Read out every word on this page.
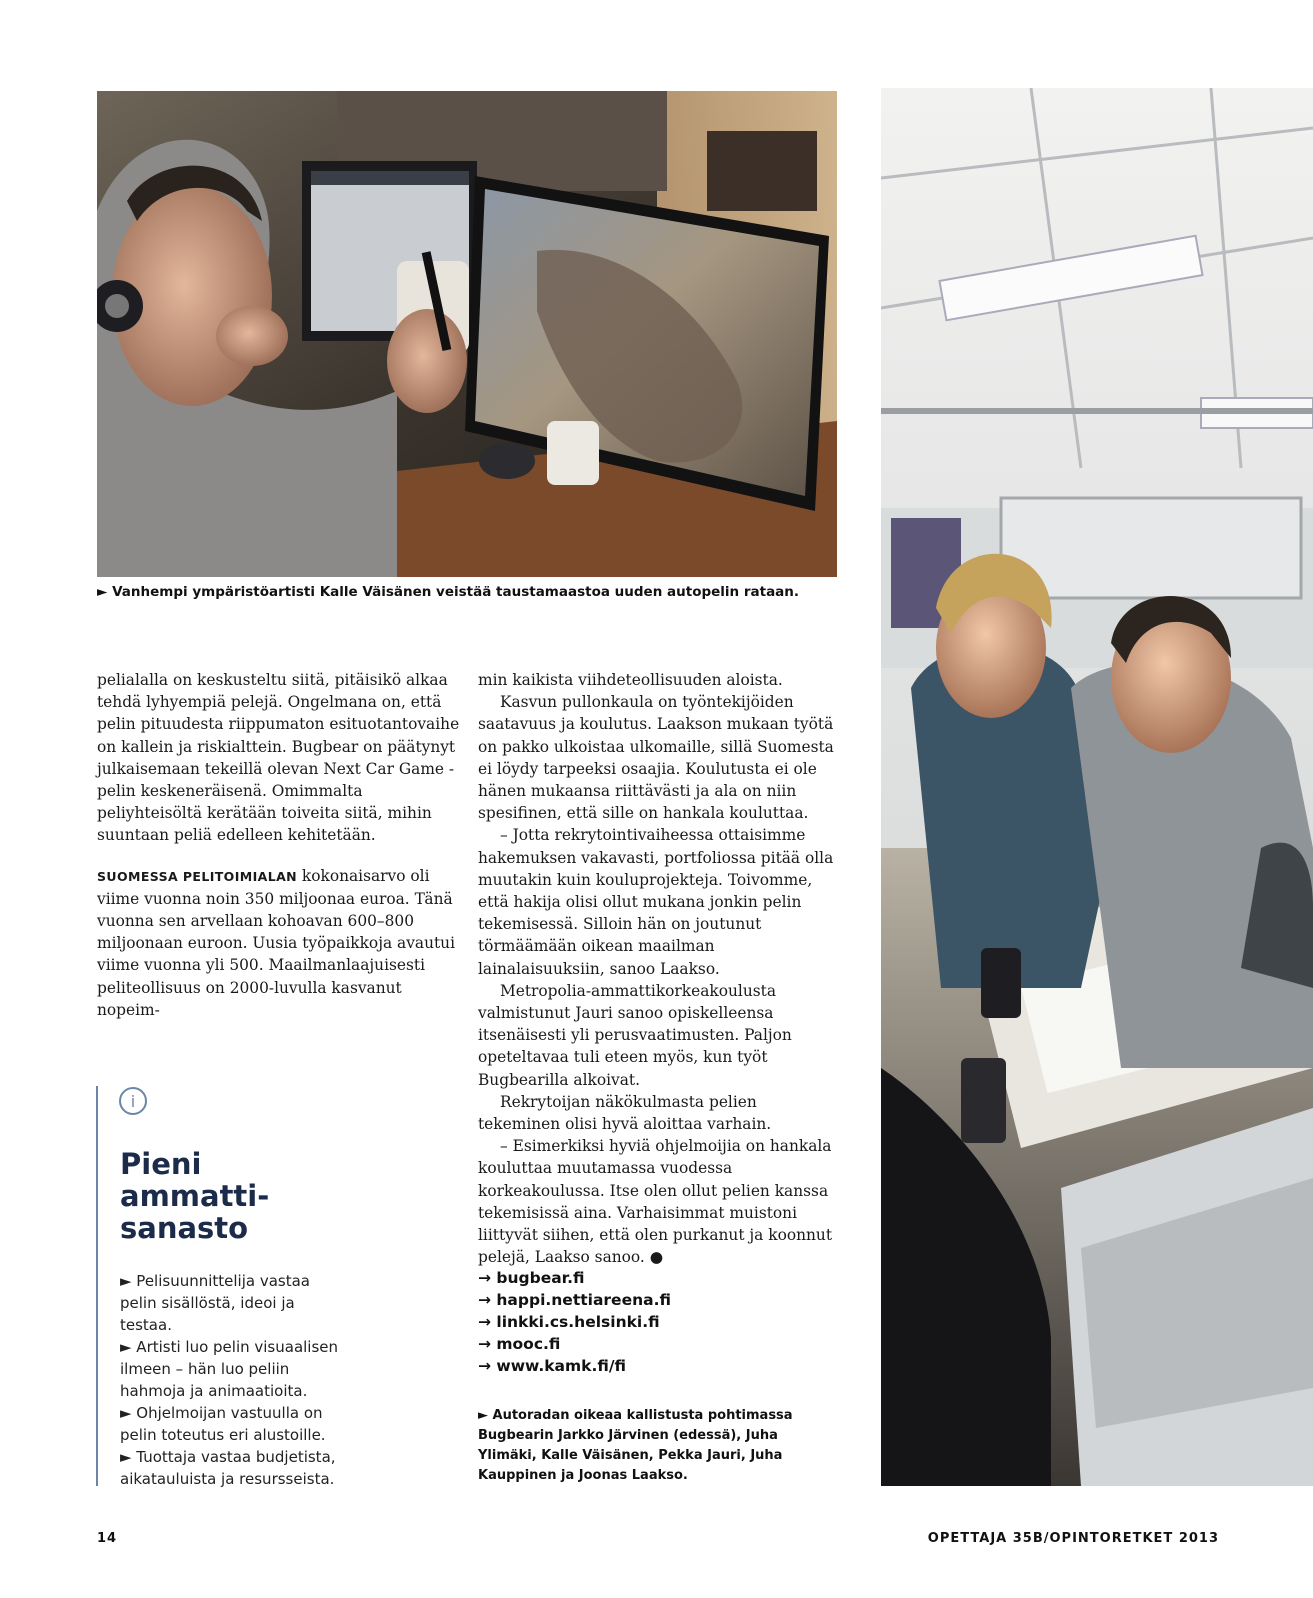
► Vanhempi ympäristöartisti Kalle Väisänen veistää taustamaastoa uuden autopelin rataan.

pelialalla on keskusteltu siitä, pitäisikö alkaa tehdä lyhyempiä pelejä. Ongelmana on, että pelin pituudesta riippumaton esituotantovaihe on kallein ja riskialttein. Bugbear on päätynyt julkaisemaan tekeillä olevan Next Car Game -pelin keskeneräisenä. Omimmalta peliyhteisöltä kerätään toiveita siitä, mihin suuntaan peliä edelleen kehitetään.

SUOMESSA PELITOIMIALAN kokonaisarvo oli viime vuonna noin 350 miljoonaa euroa. Tänä vuonna sen arvellaan kohoavan 600–800 miljoonaan euroon. Uusia työpaikkoja avautui viime vuonna yli 500. Maailmanlaajuisesti peliteollisuus on 2000-luvulla kasvanut nopeim-

i
Pieni
ammatti-
sanasto
► Pelisuunnittelija vastaa pelin sisällöstä, ideoi ja testaa.
► Artisti luo pelin visuaalisen ilmeen – hän luo peliin hahmoja ja animaatioita.
► Ohjelmoijan vastuulla on pelin toteutus eri alustoille.
► Tuottaja vastaa budjetista, aikatauluista ja resursseista.

min kaikista viihdeteollisuuden aloista.

Kasvun pullonkaula on työntekijöiden saatavuus ja koulutus. Laakson mukaan työtä on pakko ulkoistaa ulkomaille, sillä Suomesta ei löydy tarpeeksi osaajia. Koulutusta ei ole hänen mukaansa riittävästi ja ala on niin spesifinen, että sille on hankala kouluttaa.

– Jotta rekrytointivaiheessa ottaisimme hakemuksen vakavasti, portfoliossa pitää olla muutakin kuin kouluprojekteja. Toivomme, että hakija olisi ollut mukana jonkin pelin tekemisessä. Silloin hän on joutunut törmäämään oikean maailman lainalaisuuksiin, sanoo Laakso.

Metropolia-ammattikorkeakoulusta valmistunut Jauri sanoo opiskelleensa itsenäisesti yli perusvaatimusten. Paljon opeteltavaa tuli eteen myös, kun työt Bugbearilla alkoivat.

Rekrytoijan näkökulmasta pelien tekeminen olisi hyvä aloittaa varhain.

– Esimerkiksi hyviä ohjelmoijia on hankala kouluttaa muutamassa vuodessa korkeakoulussa. Itse olen ollut pelien kanssa tekemisissä aina. Varhaisimmat muistoni liittyvät siihen, että olen purkanut ja koonnut pelejä, Laakso sanoo. ●

→ bugbear.fi
→ happi.nettiareena.fi
→ linkki.cs.helsinki.fi
→ mooc.fi
→ www.kamk.fi/fi
► Autoradan oikeaa kallistusta pohtimassa Bugbearin Jarkko Järvinen (edessä), Juha Ylimäki, Kalle Väisänen, Pekka Jauri, Juha Kauppinen ja Joonas Laakso.
14	OPETTAJA 35B/OPINTORETKET 2013
